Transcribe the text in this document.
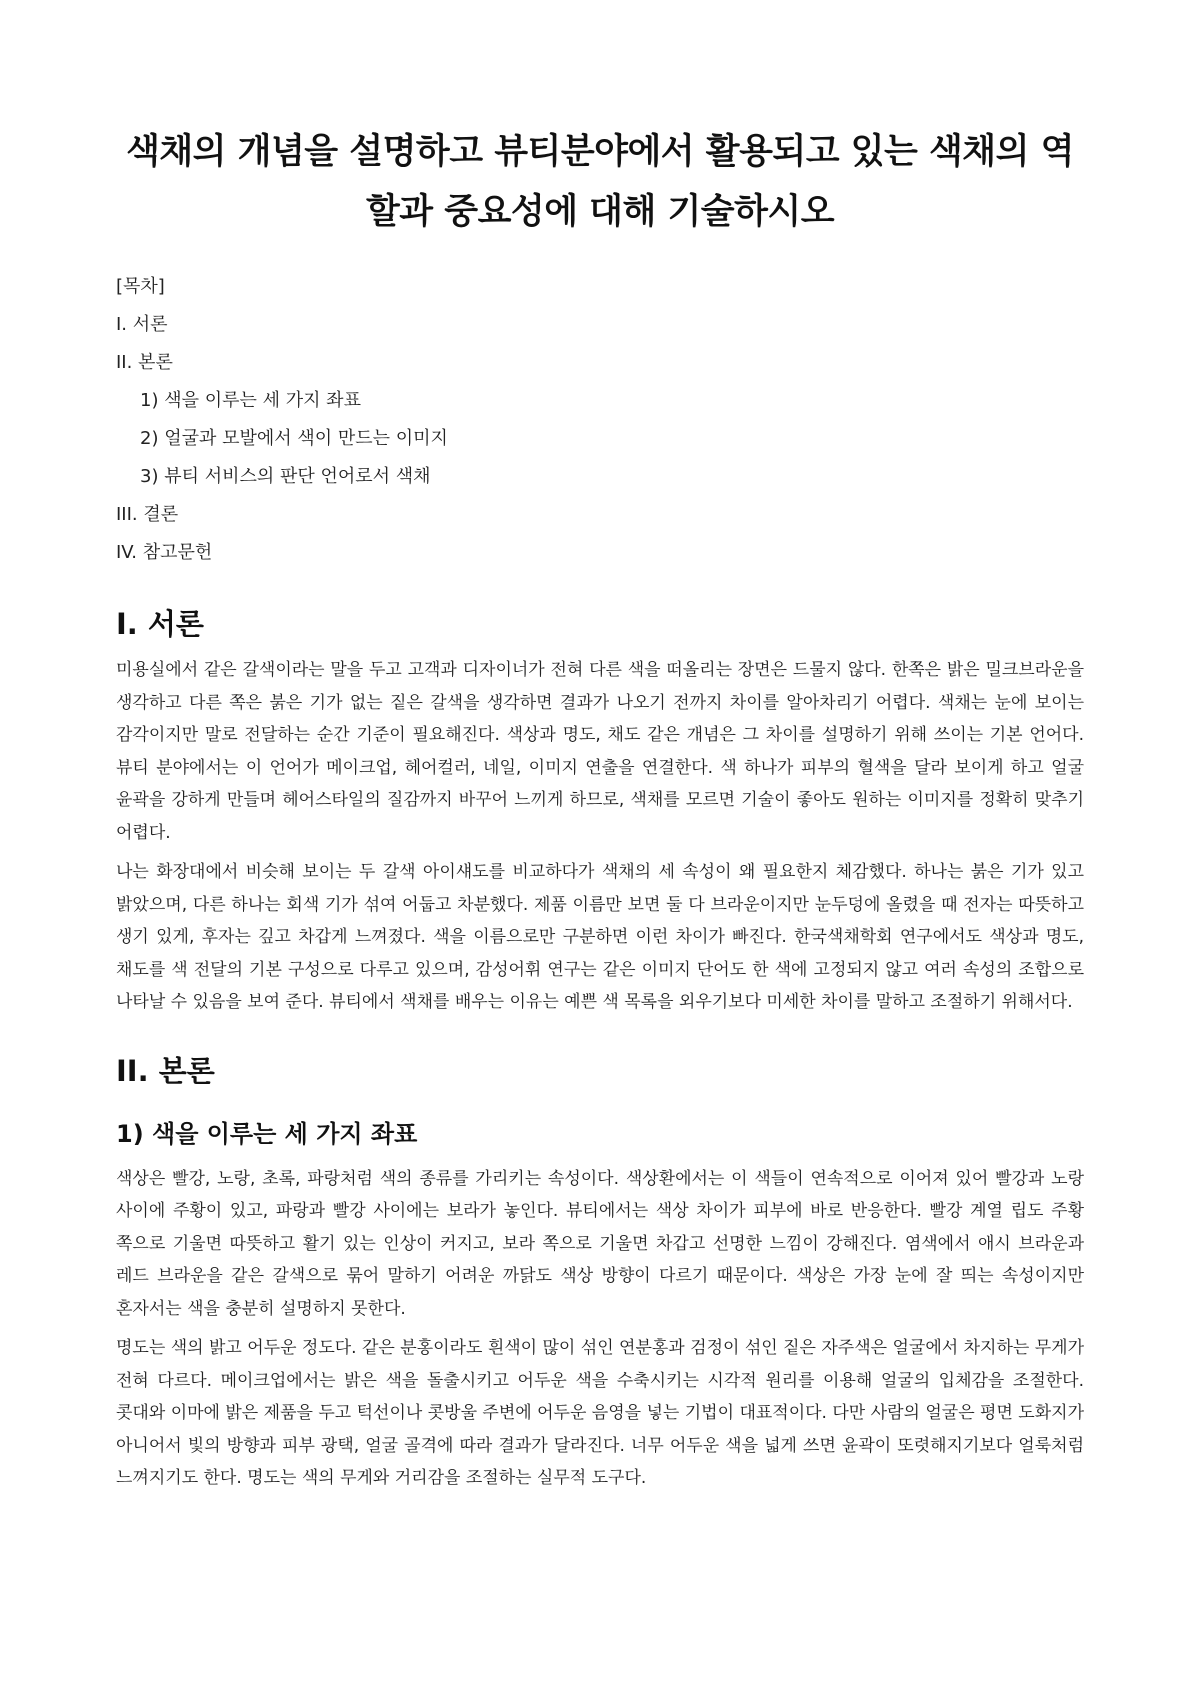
색채의 개념을 설명하고 뷰티분야에서 활용되고 있는 색채의 역할과 중요성에 대해 기술하시오
[목차]
I. 서론
II. 본론
1) 색을 이루는 세 가지 좌표
2) 얼굴과 모발에서 색이 만드는 이미지
3) 뷰티 서비스의 판단 언어로서 색채
III. 결론
IV. 참고문헌
I. 서론

미용실에서 같은 갈색이라는 말을 두고 고객과 디자이너가 전혀 다른 색을 떠올리는 장면은 드물지 않다. 한쪽은 밝은 밀크브라운을 생각하고 다른 쪽은 붉은 기가 없는 짙은 갈색을 생각하면 결과가 나오기 전까지 차이를 알아차리기 어렵다. 색채는 눈에 보이는 감각이지만 말로 전달하는 순간 기준이 필요해진다. 색상과 명도, 채도 같은 개념은 그 차이를 설명하기 위해 쓰이는 기본 언어다. 뷰티 분야에서는 이 언어가 메이크업, 헤어컬러, 네일, 이미지 연출을 연결한다. 색 하나가 피부의 혈색을 달라 보이게 하고 얼굴 윤곽을 강하게 만들며 헤어스타일의 질감까지 바꾸어 느끼게 하므로, 색채를 모르면 기술이 좋아도 원하는 이미지를 정확히 맞추기 어렵다.

나는 화장대에서 비슷해 보이는 두 갈색 아이섀도를 비교하다가 색채의 세 속성이 왜 필요한지 체감했다. 하나는 붉은 기가 있고 밝았으며, 다른 하나는 회색 기가 섞여 어둡고 차분했다. 제품 이름만 보면 둘 다 브라운이지만 눈두덩에 올렸을 때 전자는 따뜻하고 생기 있게, 후자는 깊고 차갑게 느껴졌다. 색을 이름으로만 구분하면 이런 차이가 빠진다. 한국색채학회 연구에서도 색상과 명도, 채도를 색 전달의 기본 구성으로 다루고 있으며, 감성어휘 연구는 같은 이미지 단어도 한 색에 고정되지 않고 여러 속성의 조합으로 나타날 수 있음을 보여 준다. 뷰티에서 색채를 배우는 이유는 예쁜 색 목록을 외우기보다 미세한 차이를 말하고 조절하기 위해서다.

II. 본론
1) 색을 이루는 세 가지 좌표

색상은 빨강, 노랑, 초록, 파랑처럼 색의 종류를 가리키는 속성이다. 색상환에서는 이 색들이 연속적으로 이어져 있어 빨강과 노랑 사이에 주황이 있고, 파랑과 빨강 사이에는 보라가 놓인다. 뷰티에서는 색상 차이가 피부에 바로 반응한다. 빨강 계열 립도 주황 쪽으로 기울면 따뜻하고 활기 있는 인상이 커지고, 보라 쪽으로 기울면 차갑고 선명한 느낌이 강해진다. 염색에서 애시 브라운과 레드 브라운을 같은 갈색으로 묶어 말하기 어려운 까닭도 색상 방향이 다르기 때문이다. 색상은 가장 눈에 잘 띄는 속성이지만 혼자서는 색을 충분히 설명하지 못한다.

명도는 색의 밝고 어두운 정도다. 같은 분홍이라도 흰색이 많이 섞인 연분홍과 검정이 섞인 짙은 자주색은 얼굴에서 차지하는 무게가 전혀 다르다. 메이크업에서는 밝은 색을 돌출시키고 어두운 색을 수축시키는 시각적 원리를 이용해 얼굴의 입체감을 조절한다. 콧대와 이마에 밝은 제품을 두고 턱선이나 콧방울 주변에 어두운 음영을 넣는 기법이 대표적이다. 다만 사람의 얼굴은 평면 도화지가 아니어서 빛의 방향과 피부 광택, 얼굴 골격에 따라 결과가 달라진다. 너무 어두운 색을 넓게 쓰면 윤곽이 또렷해지기보다 얼룩처럼 느껴지기도 한다. 명도는 색의 무게와 거리감을 조절하는 실무적 도구다.
